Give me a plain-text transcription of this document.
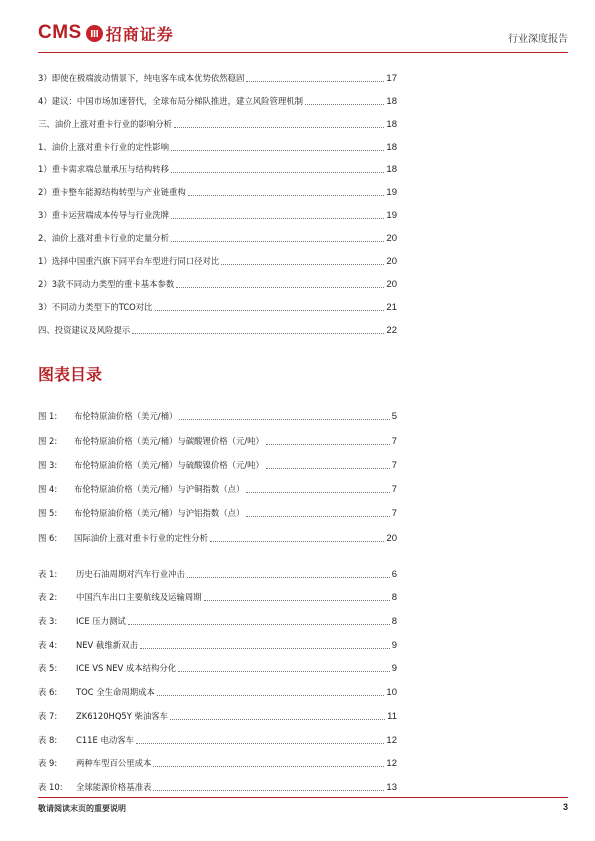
CMS 招商证券	行业深度报告
3）即使在极端波动情景下，纯电客车成本优势依然稳固	17
4）建议：中国市场加速替代，全球布局分梯队推进，建立风险管理机制	18
三、油价上涨对重卡行业的影响分析	18
1、油价上涨对重卡行业的定性影响	18
1）重卡需求端总量承压与结构转移	18
2）重卡整车能源结构转型与产业链重构	19
3）重卡运营端成本传导与行业洗牌	19
2、油价上涨对重卡行业的定量分析	20
1）选择中国重汽旗下同平台车型进行同口径对比	20
2）3款不同动力类型的重卡基本参数	20
3）不同动力类型下的TCO对比	21
四、投资建议及风险提示	22
图表目录
图 1:	布伦特原油价格（美元/桶）	5
图 2:	布伦特原油价格（美元/桶）与碳酸锂价格（元/吨）	7
图 3:	布伦特原油价格（美元/桶）与硫酸镍价格（元/吨）	7
图 4:	布伦特原油价格（美元/桶）与沪铜指数（点）	7
图 5:	布伦特原油价格（美元/桶）与沪铝指数（点）	7
图 6:	国际油价上涨对重卡行业的定性分析	20
表 1:	历史石油周期对汽车行业冲击	6
表 2:	中国汽车出口主要航线及运输周期	8
表 3:	ICE 压力测试	8
表 4:	NEV 截维新双击	9
表 5:	ICE VS NEV 成本结构分化	9
表 6:	TOC 全生命周期成本	10
表 7:	ZK6120HQ5Y 柴油客车	11
表 8:	C11E 电动客车	12
表 9:	两种车型百公里成本	12
表 10:	全球能源价格基准表	13
敬请阅读末页的重要说明	3
